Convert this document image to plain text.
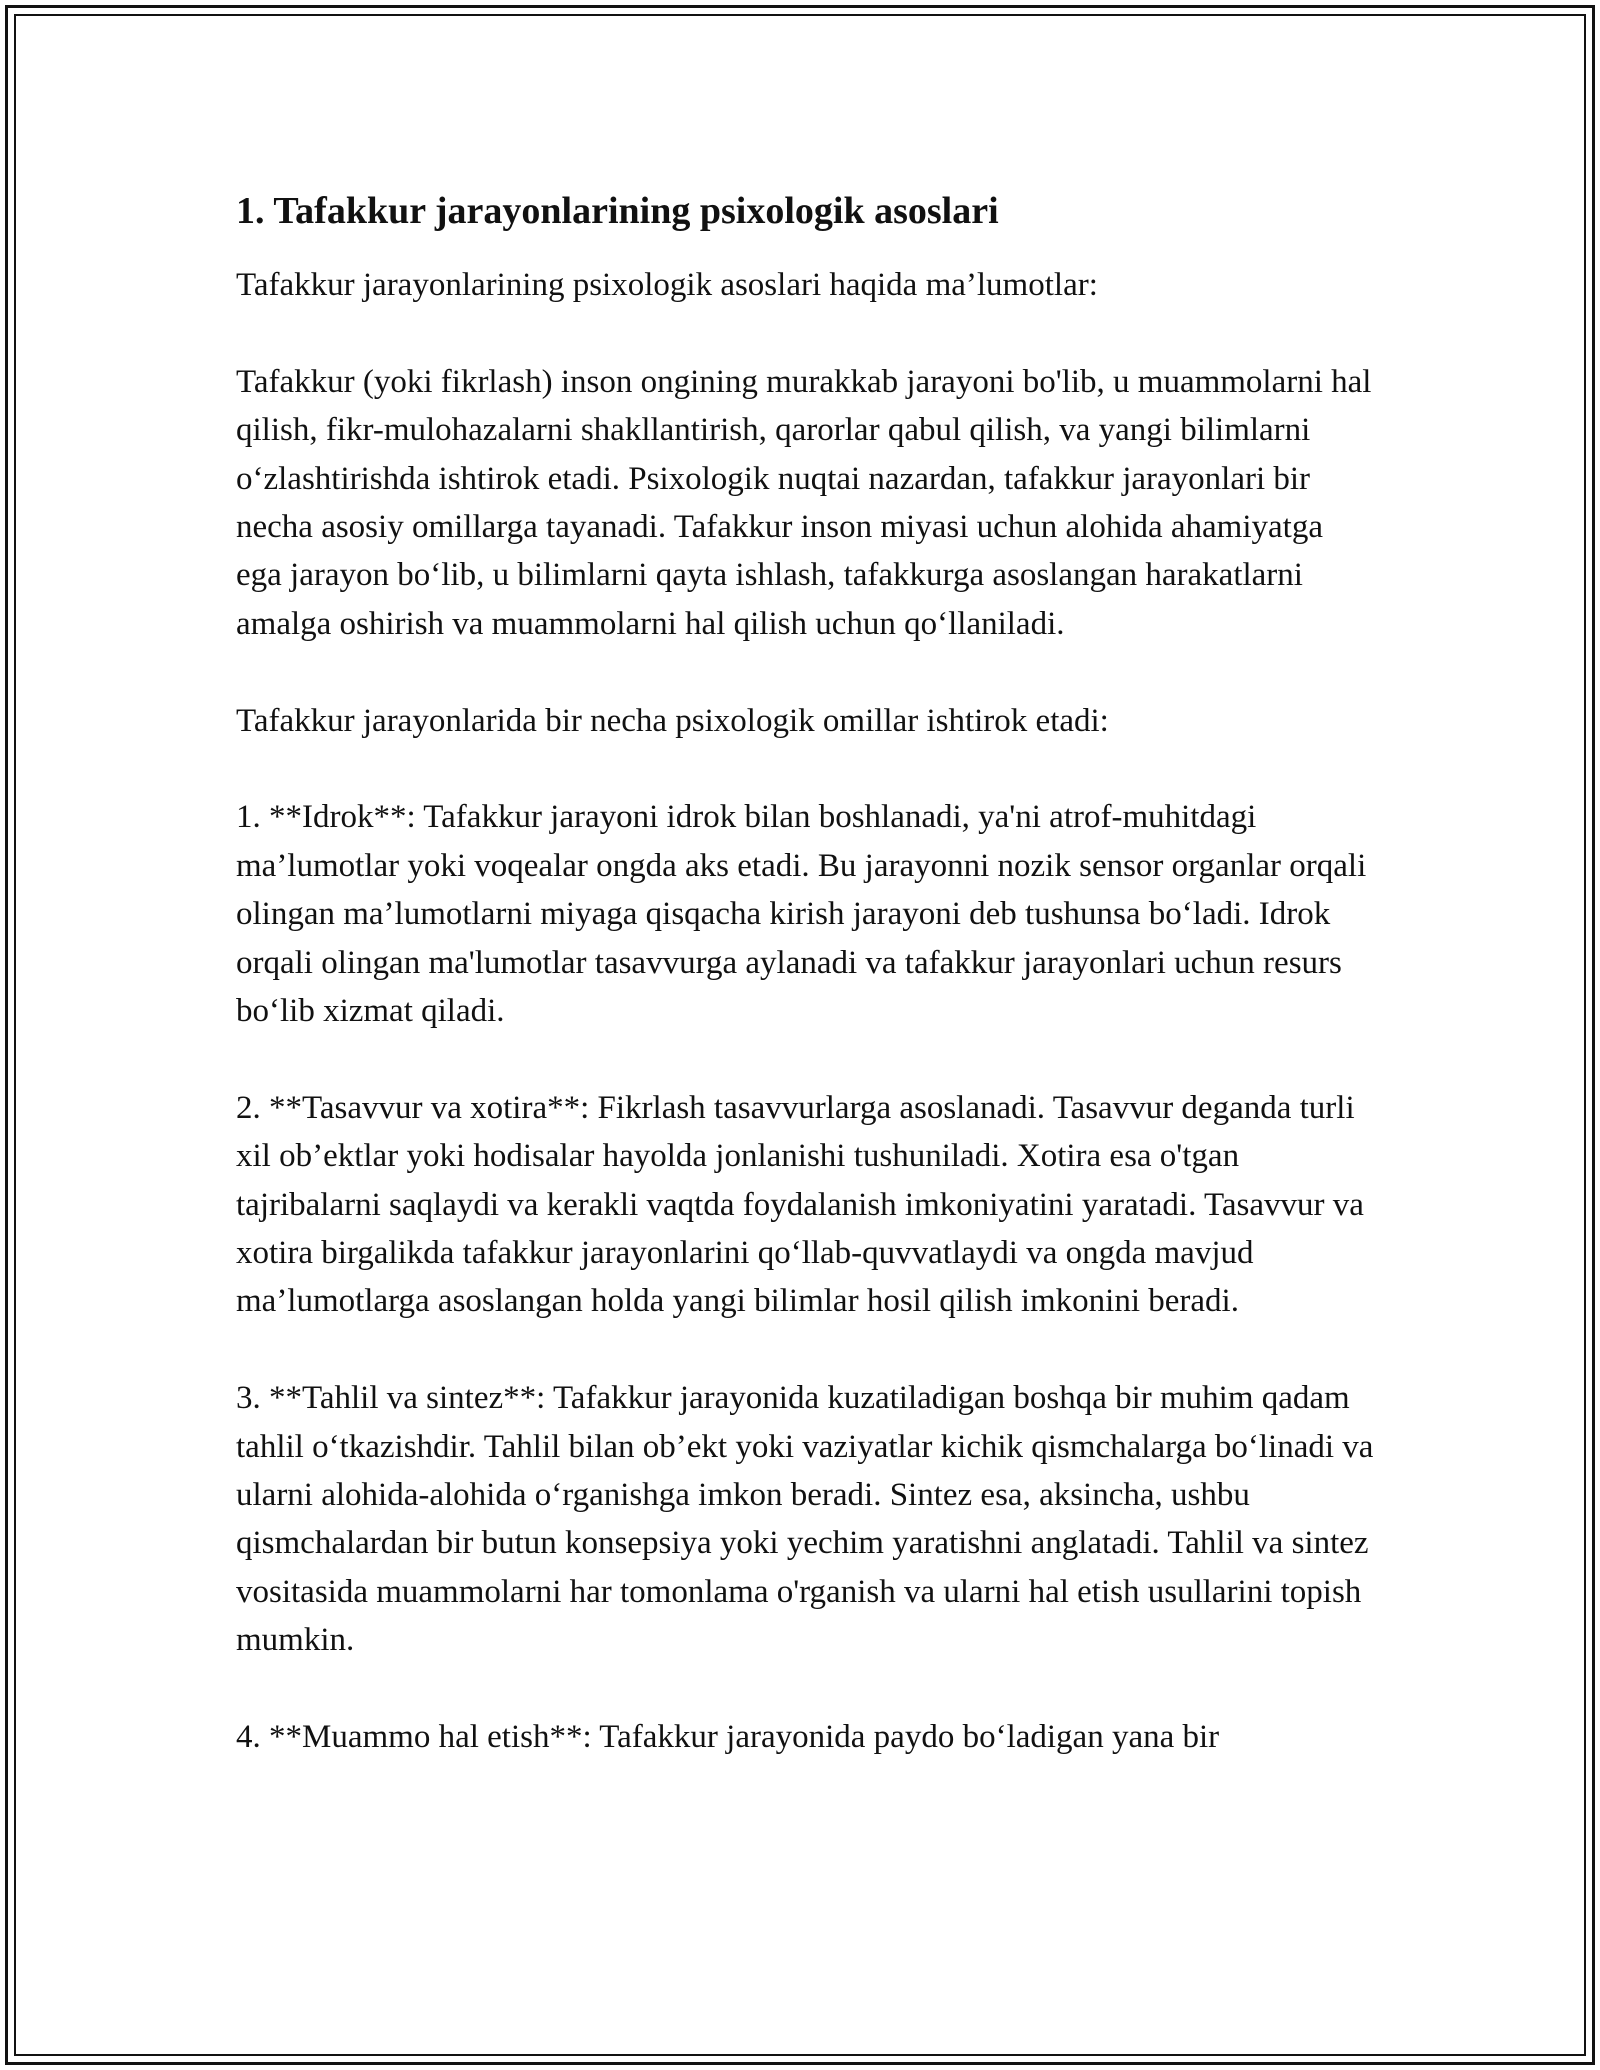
1. Tafakkur jarayonlarining psixologik asoslari

Tafakkur jarayonlarining psixologik asoslari haqida ma’lumotlar:

Tafakkur (yoki fikrlash) inson ongining murakkab jarayoni bo'lib, u muammolarni hal qilish, fikr-mulohazalarni shakllantirish, qarorlar qabul qilish, va yangi bilimlarni o‘zlashtirishda ishtirok etadi. Psixologik nuqtai nazardan, tafakkur jarayonlari bir necha asosiy omillarga tayanadi. Tafakkur inson miyasi uchun alohida ahamiyatga ega jarayon bo‘lib, u bilimlarni qayta ishlash, tafakkurga asoslangan harakatlarni amalga oshirish va muammolarni hal qilish uchun qo‘llaniladi.

Tafakkur jarayonlarida bir necha psixologik omillar ishtirok etadi:

1. **Idrok**: Tafakkur jarayoni idrok bilan boshlanadi, ya'ni atrof-muhitdagi ma’lumotlar yoki voqealar ongda aks etadi. Bu jarayonni nozik sensor organlar orqali olingan ma’lumotlarni miyaga qisqacha kirish jarayoni deb tushunsa bo‘ladi. Idrok orqali olingan ma'lumotlar tasavvurga aylanadi va tafakkur jarayonlari uchun resurs bo‘lib xizmat qiladi.

2. **Tasavvur va xotira**: Fikrlash tasavvurlarga asoslanadi. Tasavvur deganda turli xil ob’ektlar yoki hodisalar hayolda jonlanishi tushuniladi. Xotira esa o'tgan tajribalarni saqlaydi va kerakli vaqtda foydalanish imkoniyatini yaratadi. Tasavvur va xotira birgalikda tafakkur jarayonlarini qo‘llab-quvvatlaydi va ongda mavjud ma’lumotlarga asoslangan holda yangi bilimlar hosil qilish imkonini beradi.

3. **Tahlil va sintez**: Tafakkur jarayonida kuzatiladigan boshqa bir muhim qadam tahlil o‘tkazishdir. Tahlil bilan ob’ekt yoki vaziyatlar kichik qismchalarga bo‘linadi va ularni alohida-alohida o‘rganishga imkon beradi. Sintez esa, aksincha, ushbu qismchalardan bir butun konsepsiya yoki yechim yaratishni anglatadi. Tahlil va sintez vositasida muammolarni har tomonlama o'rganish va ularni hal etish usullarini topish mumkin.

4. **Muammo hal etish**: Tafakkur jarayonida paydo bo‘ladigan yana bir
